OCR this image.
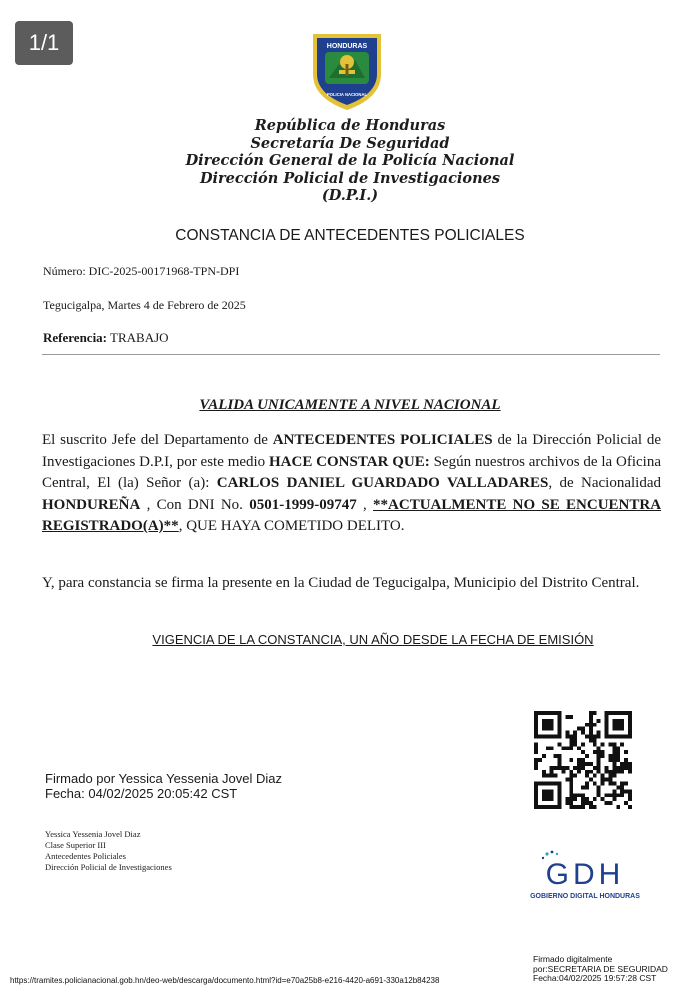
1/1	HONDURAS
POLICIA NACIONAL
República de Honduras
Secretaría De Seguridad
Dirección General de la Policía Nacional
Dirección Policial de Investigaciones
(D.P.I.)
CONSTANCIA DE ANTECEDENTES POLICIALES
Número: DIC-2025-00171968-TPN-DPI
Tegucigalpa, Martes 4 de Febrero de 2025
Referencia: TRABAJO
VALIDA UNICAMENTE A NIVEL NACIONAL
El suscrito Jefe del Departamento de ANTECEDENTES POLICIALES de la Dirección Policial de Investigaciones D.P.I, por este medio HACE CONSTAR QUE: Según nuestros archivos de la Oficina Central, El (la) Señor (a): CARLOS DANIEL GUARDADO VALLADARES, de Nacionalidad HONDUREÑA , Con DNI No. 0501-1999-09747 , **ACTUALMENTE NO SE ENCUENTRA REGISTRADO(A)**, QUE HAYA COMETIDO DELITO.
Y, para constancia se firma la presente en la Ciudad de Tegucigalpa, Municipio del Distrito Central.
VIGENCIA DE LA CONSTANCIA, UN AÑO DESDE LA FECHA DE EMISIÓN
Firmado por Yessica Yessenia Jovel Diaz
Fecha: 04/02/2025 20:05:42 CST
Yessica Yessenia Jovel Diaz
Clase Superior III
Antecedentes Policiales
Dirección Policial de Investigaciones	GDH
GOBIERNO DIGITAL HONDURAS
Firmado digitalmente
por:SECRETARIA DE SEGURIDAD
Fecha:04/02/2025 19:57:28 CST
https://tramites.policianacional.gob.hn/deo-web/descarga/documento.html?id=e70a25b8-e216-4420-a691-330a12b84238
